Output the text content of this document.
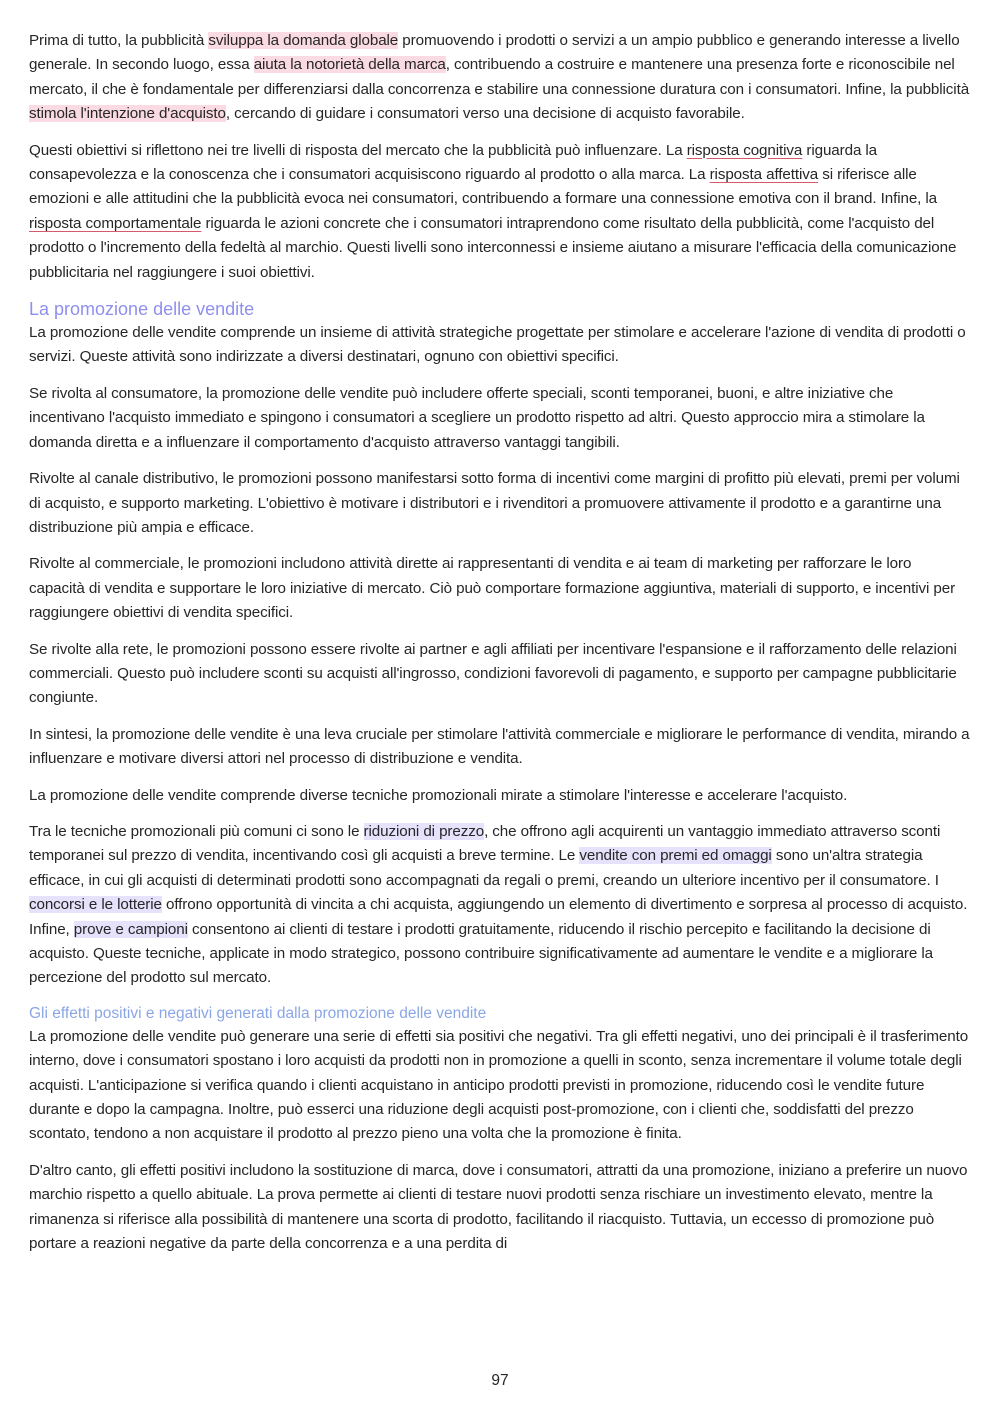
Prima di tutto, la pubblicità sviluppa la domanda globale promuovendo i prodotti o servizi a un ampio pubblico e generando interesse a livello generale. In secondo luogo, essa aiuta la notorietà della marca, contribuendo a costruire e mantenere una presenza forte e riconoscibile nel mercato, il che è fondamentale per differenziarsi dalla concorrenza e stabilire una connessione duratura con i consumatori. Infine, la pubblicità stimola l'intenzione d'acquisto, cercando di guidare i consumatori verso una decisione di acquisto favorabile.

Questi obiettivi si riflettono nei tre livelli di risposta del mercato che la pubblicità può influenzare. La risposta cognitiva riguarda la consapevolezza e la conoscenza che i consumatori acquisiscono riguardo al prodotto o alla marca. La risposta affettiva si riferisce alle emozioni e alle attitudini che la pubblicità evoca nei consumatori, contribuendo a formare una connessione emotiva con il brand. Infine, la risposta comportamentale riguarda le azioni concrete che i consumatori intraprendono come risultato della pubblicità, come l'acquisto del prodotto o l'incremento della fedeltà al marchio. Questi livelli sono interconnessi e insieme aiutano a misurare l'efficacia della comunicazione pubblicitaria nel raggiungere i suoi obiettivi.

La promozione delle vendite

La promozione delle vendite comprende un insieme di attività strategiche progettate per stimolare e accelerare l'azione di vendita di prodotti o servizi. Queste attività sono indirizzate a diversi destinatari, ognuno con obiettivi specifici.

Se rivolta al consumatore, la promozione delle vendite può includere offerte speciali, sconti temporanei, buoni, e altre iniziative che incentivano l'acquisto immediato e spingono i consumatori a scegliere un prodotto rispetto ad altri. Questo approccio mira a stimolare la domanda diretta e a influenzare il comportamento d'acquisto attraverso vantaggi tangibili.

Rivolte al canale distributivo, le promozioni possono manifestarsi sotto forma di incentivi come margini di profitto più elevati, premi per volumi di acquisto, e supporto marketing. L'obiettivo è motivare i distributori e i rivenditori a promuovere attivamente il prodotto e a garantirne una distribuzione più ampia e efficace.

Rivolte al commerciale, le promozioni includono attività dirette ai rappresentanti di vendita e ai team di marketing per rafforzare le loro capacità di vendita e supportare le loro iniziative di mercato. Ciò può comportare formazione aggiuntiva, materiali di supporto, e incentivi per raggiungere obiettivi di vendita specifici.

Se rivolte alla rete, le promozioni possono essere rivolte ai partner e agli affiliati per incentivare l'espansione e il rafforzamento delle relazioni commerciali. Questo può includere sconti su acquisti all'ingrosso, condizioni favorevoli di pagamento, e supporto per campagne pubblicitarie congiunte.

In sintesi, la promozione delle vendite è una leva cruciale per stimolare l'attività commerciale e migliorare le performance di vendita, mirando a influenzare e motivare diversi attori nel processo di distribuzione e vendita.

La promozione delle vendite comprende diverse tecniche promozionali mirate a stimolare l'interesse e accelerare l'acquisto.

Tra le tecniche promozionali più comuni ci sono le riduzioni di prezzo, che offrono agli acquirenti un vantaggio immediato attraverso sconti temporanei sul prezzo di vendita, incentivando così gli acquisti a breve termine. Le vendite con premi ed omaggi sono un'altra strategia efficace, in cui gli acquisti di determinati prodotti sono accompagnati da regali o premi, creando un ulteriore incentivo per il consumatore. I concorsi e le lotterie offrono opportunità di vincita a chi acquista, aggiungendo un elemento di divertimento e sorpresa al processo di acquisto. Infine, prove e campioni consentono ai clienti di testare i prodotti gratuitamente, riducendo il rischio percepito e facilitando la decisione di acquisto. Queste tecniche, applicate in modo strategico, possono contribuire significativamente ad aumentare le vendite e a migliorare la percezione del prodotto sul mercato.

Gli effetti positivi e negativi generati dalla promozione delle vendite

La promozione delle vendite può generare una serie di effetti sia positivi che negativi. Tra gli effetti negativi, uno dei principali è il trasferimento interno, dove i consumatori spostano i loro acquisti da prodotti non in promozione a quelli in sconto, senza incrementare il volume totale degli acquisti. L'anticipazione si verifica quando i clienti acquistano in anticipo prodotti previsti in promozione, riducendo così le vendite future durante e dopo la campagna. Inoltre, può esserci una riduzione degli acquisti post-promozione, con i clienti che, soddisfatti del prezzo scontato, tendono a non acquistare il prodotto al prezzo pieno una volta che la promozione è finita.

D'altro canto, gli effetti positivi includono la sostituzione di marca, dove i consumatori, attratti da una promozione, iniziano a preferire un nuovo marchio rispetto a quello abituale. La prova permette ai clienti di testare nuovi prodotti senza rischiare un investimento elevato, mentre la rimanenza si riferisce alla possibilità di mantenere una scorta di prodotto, facilitando il riacquisto. Tuttavia, un eccesso di promozione può portare a reazioni negative da parte della concorrenza e a una perdita di

97
